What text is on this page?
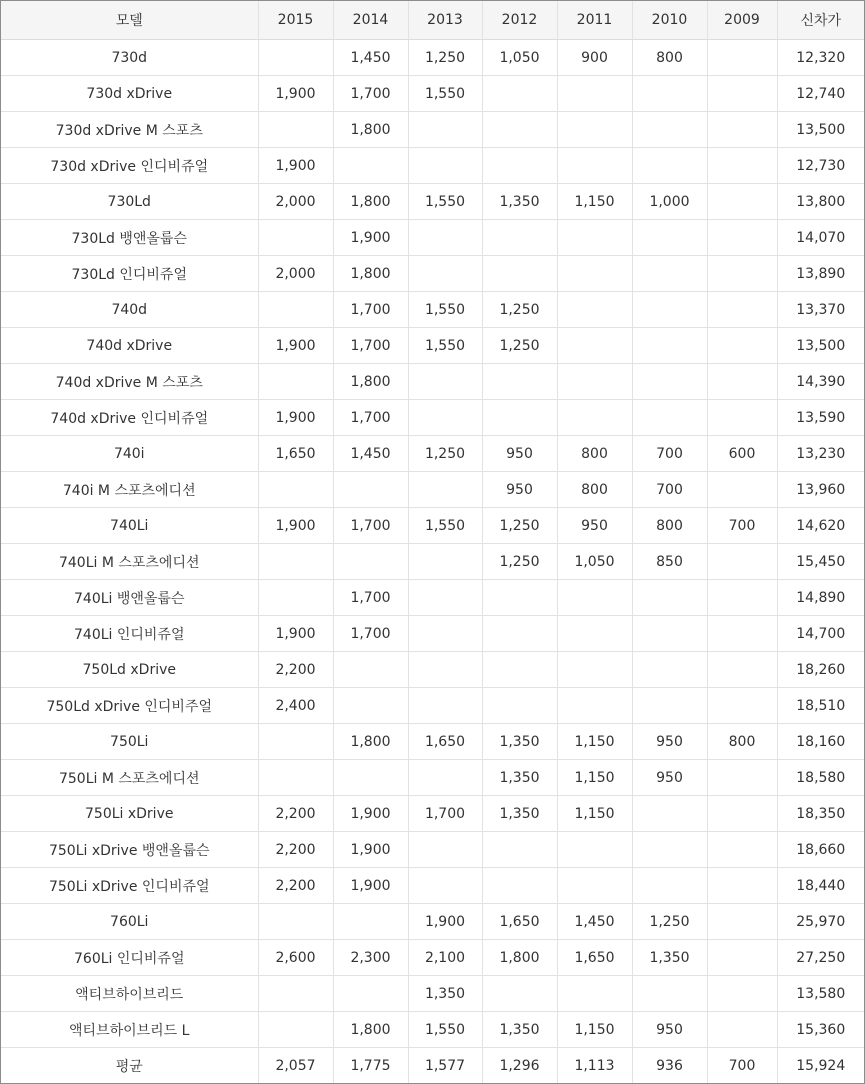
모델	2015	2014	2013	2012	2011	2010	2009	신차가
730d		1,450	1,250	1,050	900	800		12,320
730d xDrive	1,900	1,700	1,550					12,740
730d xDrive M 스포츠		1,800						13,500
730d xDrive 인디비쥬얼	1,900							12,730
730Ld	2,000	1,800	1,550	1,350	1,150	1,000		13,800
730Ld 뱅앤올룹슨		1,900						14,070
730Ld 인디비쥬얼	2,000	1,800						13,890
740d		1,700	1,550	1,250				13,370
740d xDrive	1,900	1,700	1,550	1,250				13,500
740d xDrive M 스포츠		1,800						14,390
740d xDrive 인디비쥬얼	1,900	1,700						13,590
740i	1,650	1,450	1,250	950	800	700	600	13,230
740i M 스포츠에디션				950	800	700		13,960
740Li	1,900	1,700	1,550	1,250	950	800	700	14,620
740Li M 스포츠에디션				1,250	1,050	850		15,450
740Li 뱅앤올룹슨		1,700						14,890
740Li 인디비쥬얼	1,900	1,700						14,700
750Ld xDrive	2,200							18,260
750Ld xDrive 인디비주얼	2,400							18,510
750Li		1,800	1,650	1,350	1,150	950	800	18,160
750Li M 스포츠에디션				1,350	1,150	950		18,580
750Li xDrive	2,200	1,900	1,700	1,350	1,150			18,350
750Li xDrive 뱅앤올룹슨	2,200	1,900						18,660
750Li xDrive 인디비쥬얼	2,200	1,900						18,440
760Li			1,900	1,650	1,450	1,250		25,970
760Li 인디비쥬얼	2,600	2,300	2,100	1,800	1,650	1,350		27,250
액티브하이브리드			1,350					13,580
액티브하이브리드 L		1,800	1,550	1,350	1,150	950		15,360
평균	2,057	1,775	1,577	1,296	1,113	936	700	15,924
